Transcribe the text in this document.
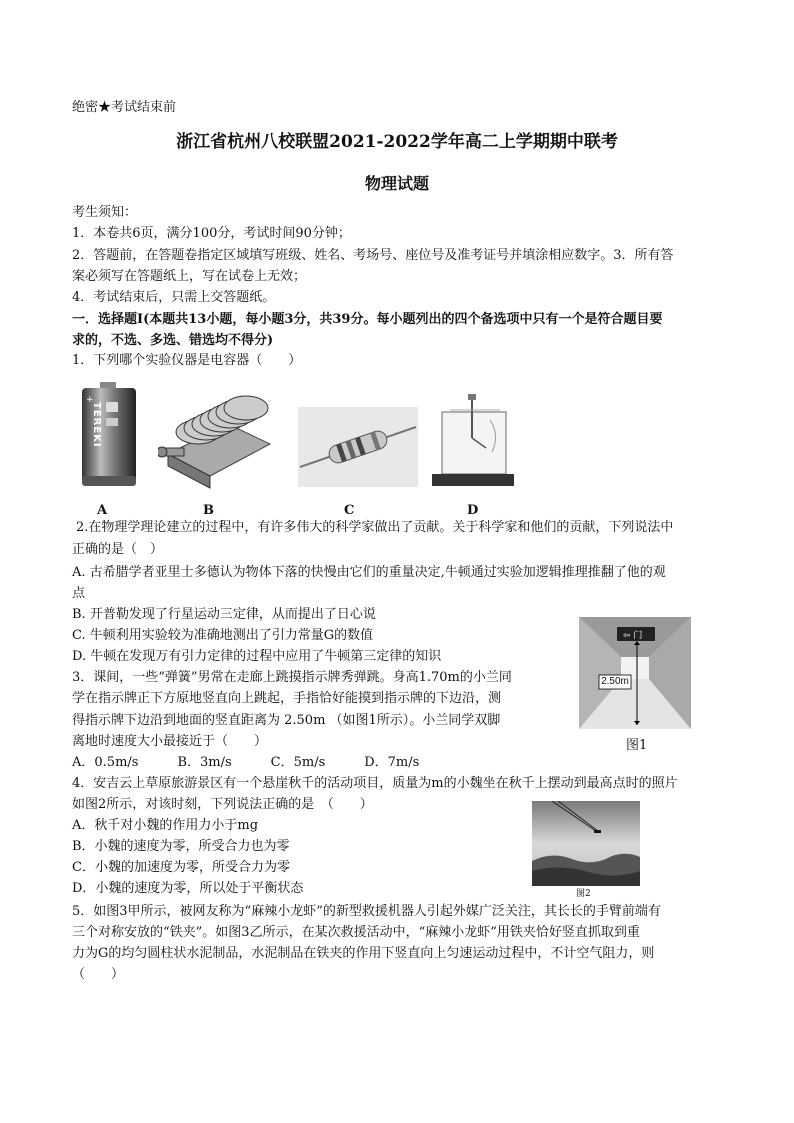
绝密★考试结束前
浙江省杭州八校联盟2021-2022学年高二上学期期中联考
物理试题
考生须知：
1．本卷共6页，满分100分，考试时间90分钟；
2．答题前，在答题卷指定区域填写班级、姓名、考场号、座位号及准考证号并填涂相应数字。3．所有答
案必须写在答题纸上，写在试卷上无效；
4．考试结束后，只需上交答题纸。
一．选择题Ⅰ(本题共13小题，每小题3分，共39分。每小题列出的四个备选项中只有一个是符合题目要
求的，不选、多选、错选均不得分)
1．下列哪个实验仪器是电容器（　　）
+
TEREKI
A	B	C	D
2.在物理学理论建立的过程中，有许多伟大的科学家做出了贡献。关于科学家和他们的贡献，下列说法中
正确的是（　）
A. 古希腊学者亚里士多德认为物体下落的快慢由它们的重量决定,牛顿通过实验加逻辑推理推翻了他的观
点
B. 开普勒发现了行星运动三定律，从而提出了日心说
C. 牛顿利用实验较为准确地测出了引力常量G的数值
D. 牛顿在发现万有引力定律的过程中应用了牛顿第三定律的知识
⇦ 门
2.50m
图1
3．课间，一些“弹簧”男常在走廊上跳摸指示牌秀弹跳。身高1.70m的小兰同
学在指示牌正下方原地竖直向上跳起，手指恰好能摸到指示牌的下边沿，测
得指示牌下边沿到地面的竖直距离为 2.50m （如图1所示）。小兰同学双脚
离地时速度大小最接近于（　　）
A．0.5m/s　　　B．3m/s　　　C．5m/s　　　D．7m/s
4．安吉云上草原旅游景区有一个悬崖秋千的活动项目，质量为m的小魏坐在秋千上摆动到最高点时的照片
如图2所示，对该时刻，下列说法正确的是　（　　）
A．秋千对小魏的作用力小于mg
B．小魏的速度为零，所受合力也为零
C．小魏的加速度为零，所受合力为零
D．小魏的速度为零，所以处于平衡状态	图2
5．如图3甲所示，被网友称为“麻辣小龙虾”的新型救援机器人引起外媒广泛关注，其长长的手臂前端有
三个对称安放的“铁夹”。如图3乙所示，在某次救援活动中，“麻辣小龙虾”用铁夹恰好竖直抓取到重
力为G的均匀圆柱状水泥制品，水泥制品在铁夹的作用下竖直向上匀速运动过程中，不计空气阻力，则
（　　）
